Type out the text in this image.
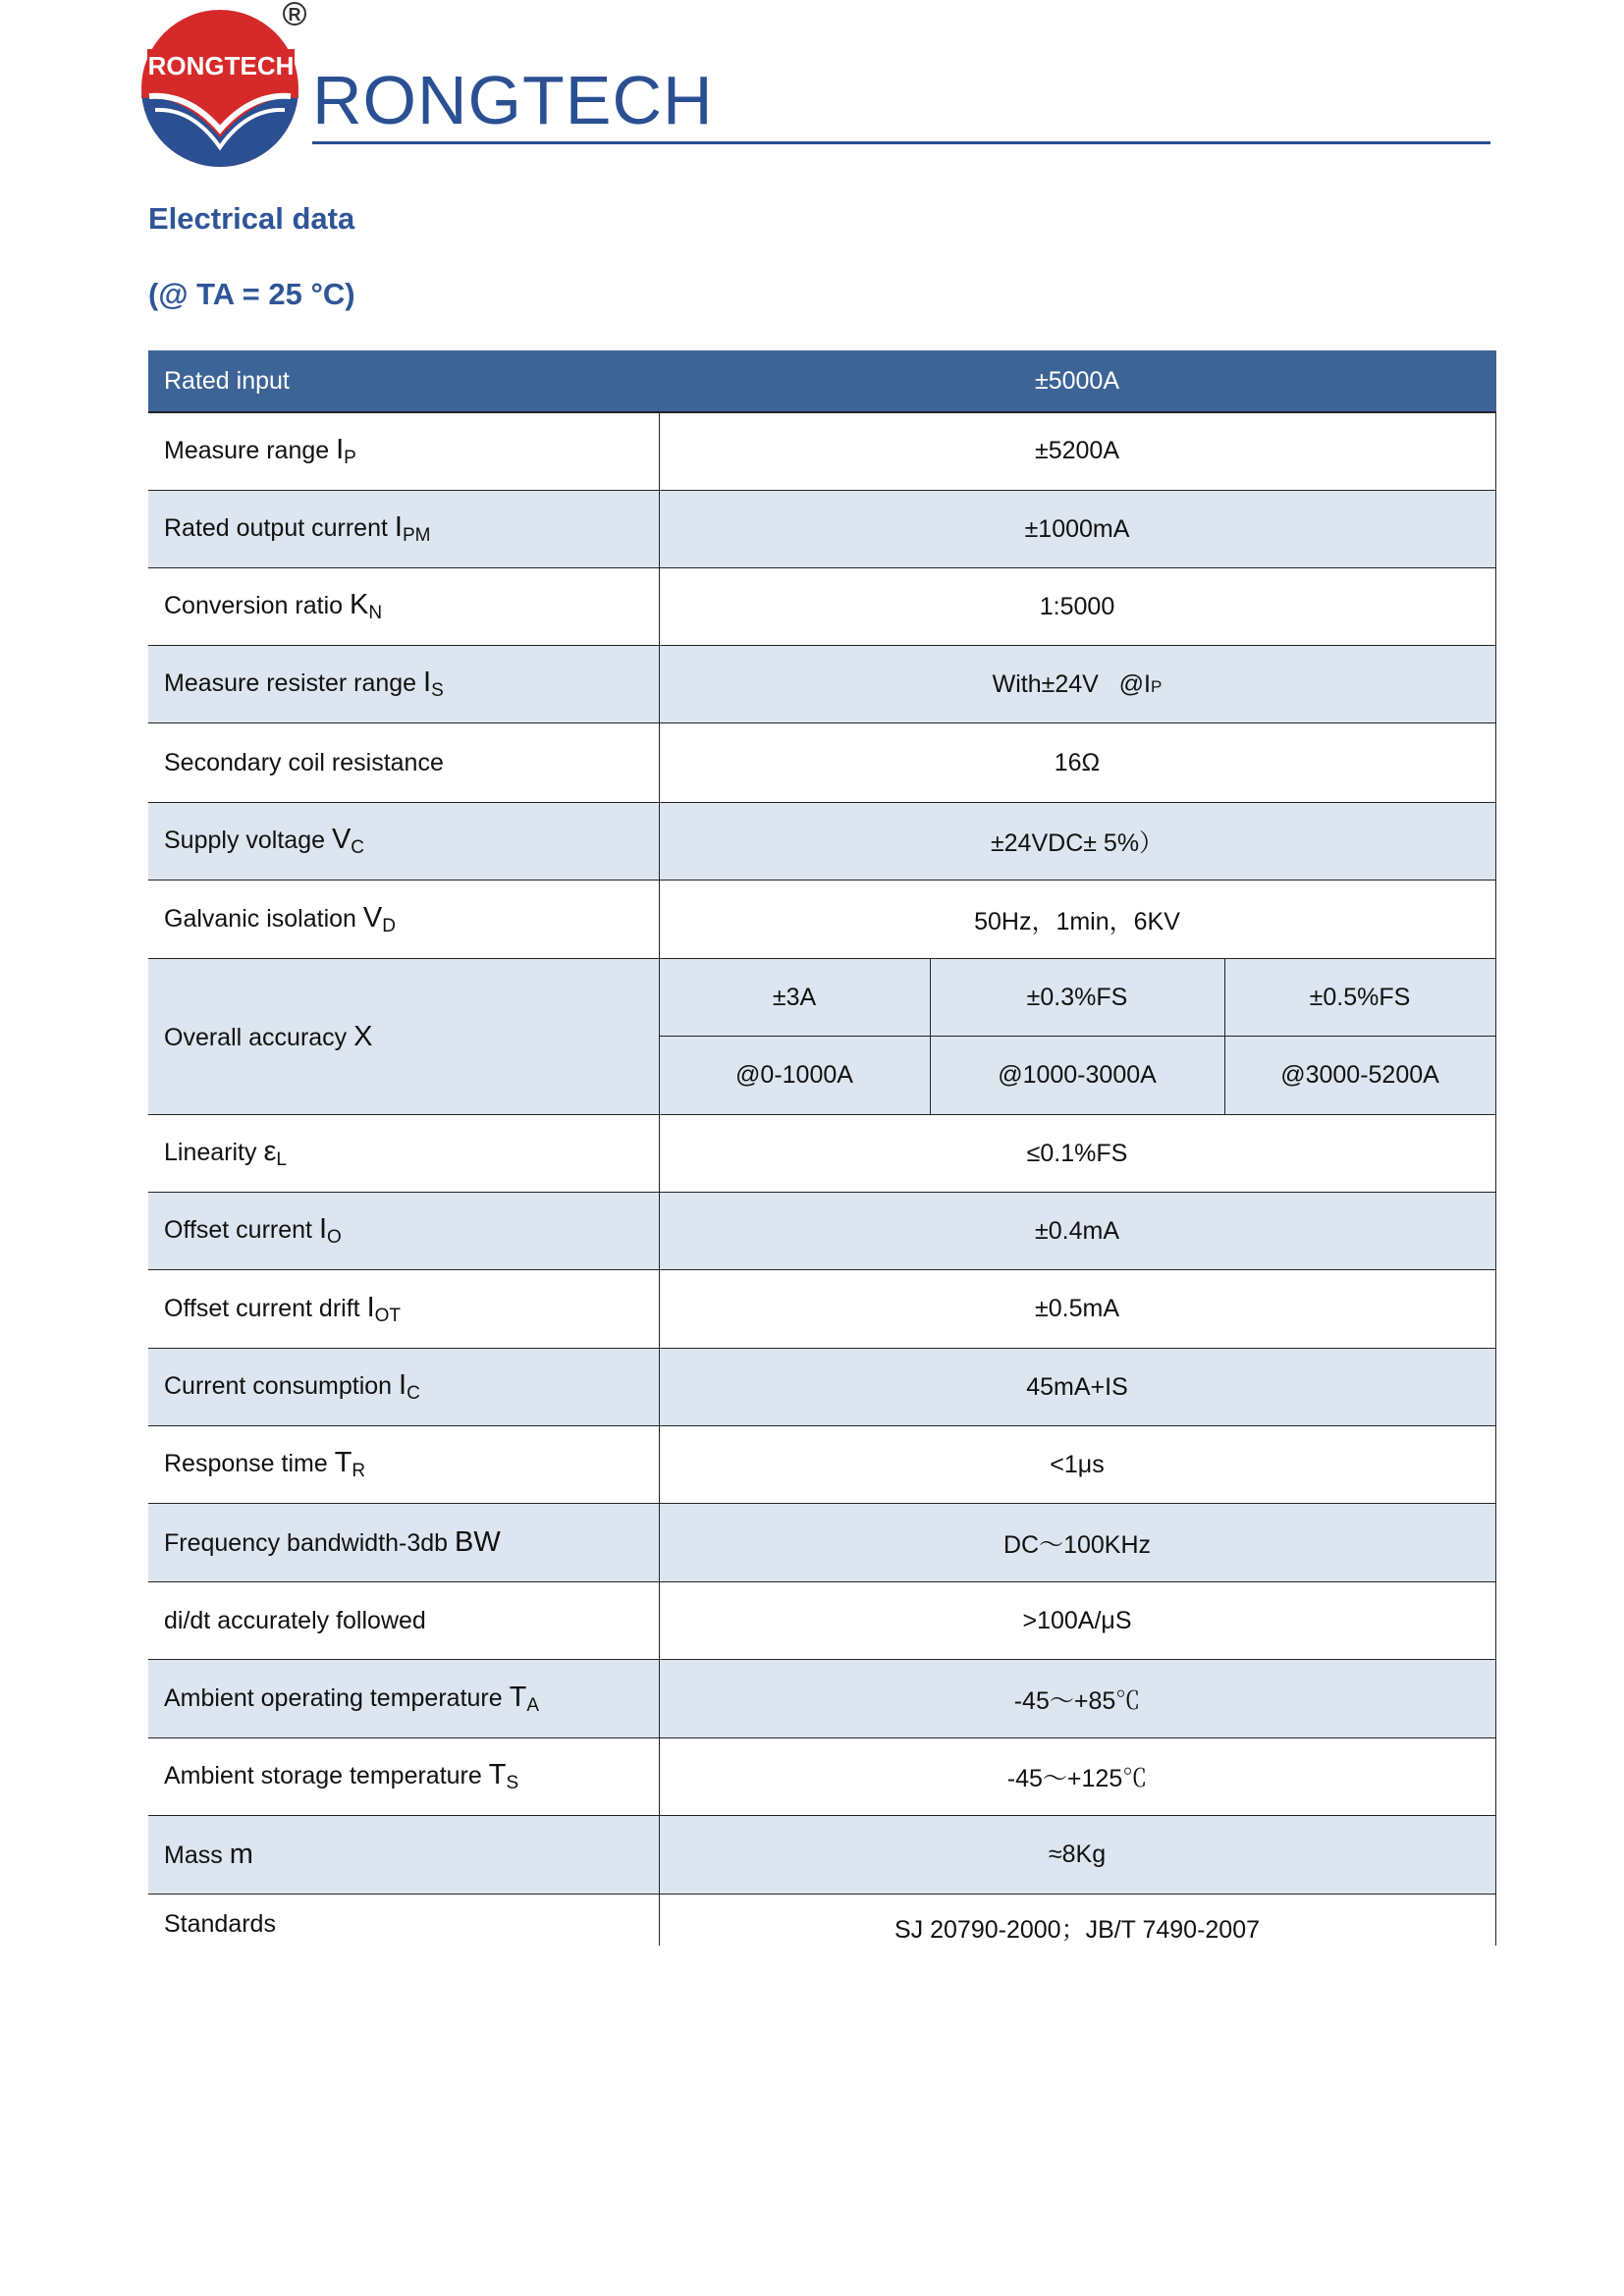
RONGTECH
R
RONGTECH
Electrical data
(@ TA = 25 °C)
Rated input	±5000A		
Measure range $I_P$	±5200A		
Rated output current $I_{PM}$	±1000mA		
Conversion ratio $K_N$	1:5000		
Measure resister range $I_S$	With±24V   @IP		
Secondary coil resistance	16Ω		
Supply voltage $V_C$	±24VDC± 5%）		
Galvanic isolation $V_D$	50Hz，1min，6KV		
Overall accuracy X	±3A	±0.3%FS	±0.5%FS
	@0-1000A	@1000-3000A	@3000-5200A
Linearity $\varepsilon_L$	≤0.1%FS		
Offset current $I_O$	±0.4mA		
Offset current drift $I_{OT}$	±0.5mA		
Current consumption $I_C$	45mA+IS		
Response time $T_R$	<1μs		
Frequency bandwidth-3db BW	DC～100KHz		
di/dt accurately followed	>100A/μS		
Ambient operating temperature $T_A$	-45～+85℃		
Ambient storage temperature $T_S$	-45～+125℃		
Mass m	≈8Kg		
Standards	SJ 20790-2000；JB/T 7490-2007		
